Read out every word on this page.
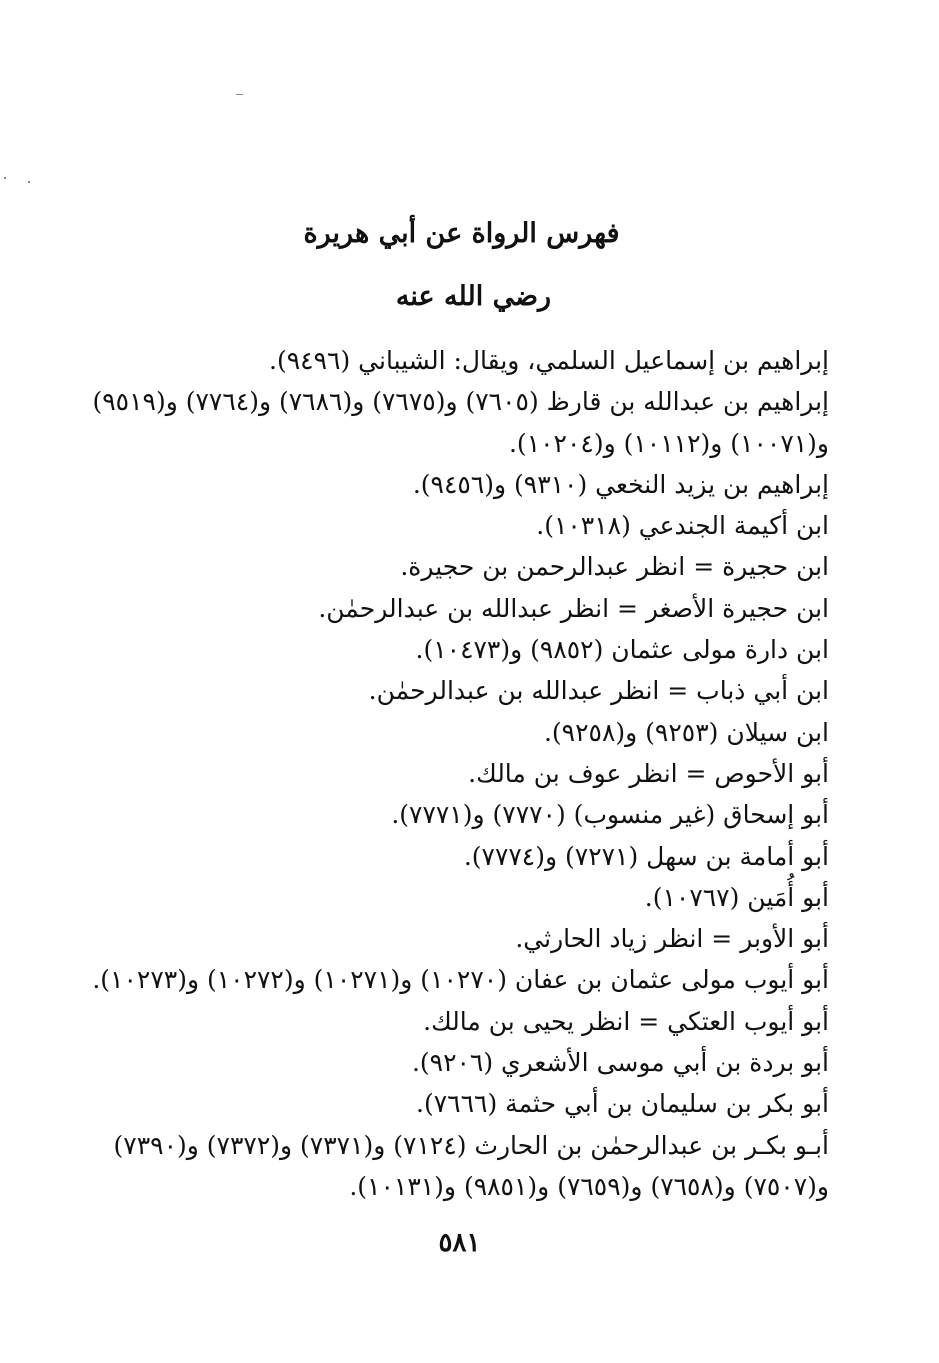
فهرس الرواة عن أبي هريرة
رضي الله عنه
إبراهيم بن إسماعيل السلمي، ويقال: الشيباني (٩٤٩٦).
إبراهيم بن عبدالله بن قارظ (٧٦٠٥) و(٧٦٧٥) و(٧٦٨٦) و(٧٧٦٤) و(٩٥١٩)
و(١٠٠٧١) و(١٠١١٢) و(١٠٢٠٤).
إبراهيم بن يزيد النخعي (٩٣١٠) و(٩٤٥٦).
ابن أكيمة الجندعي (١٠٣١٨).
ابن حجيرة = انظر عبدالرحمن بن حجيرة.
ابن حجيرة الأصغر = انظر عبدالله بن عبدالرحمٰن.
ابن دارة مولى عثمان (٩٨٥٢) و(١٠٤٧٣).
ابن أبي ذباب = انظر عبدالله بن عبدالرحمٰن.
ابن سيلان (٩٢٥٣) و(٩٢٥٨).
أبو الأحوص = انظر عوف بن مالك.
أبو إسحاق (غير منسوب) (٧٧٧٠) و(٧٧٧١).
أبو أمامة بن سهل (٧٢٧١) و(٧٧٧٤).
أبو أُمَين (١٠٧٦٧).
أبو الأوبر = انظر زياد الحارثي.
أبو أيوب مولى عثمان بن عفان (١٠٢٧٠) و(١٠٢٧١) و(١٠٢٧٢) و(١٠٢٧٣).
أبو أيوب العتكي = انظر يحيى بن مالك.
أبو بردة بن أبي موسى الأشعري (٩٢٠٦).
أبو بكر بن سليمان بن أبي حثمة (٧٦٦٦).
أبـو بكـر بن عبدالرحمٰن بن الحارث (٧١٢٤) و(٧٣٧١) و(٧٣٧٢) و(٧٣٩٠)
و(٧٥٠٧) و(٧٦٥٨) و(٧٦٥٩) و(٩٨٥١) و(١٠١٣١).
٥٨١
